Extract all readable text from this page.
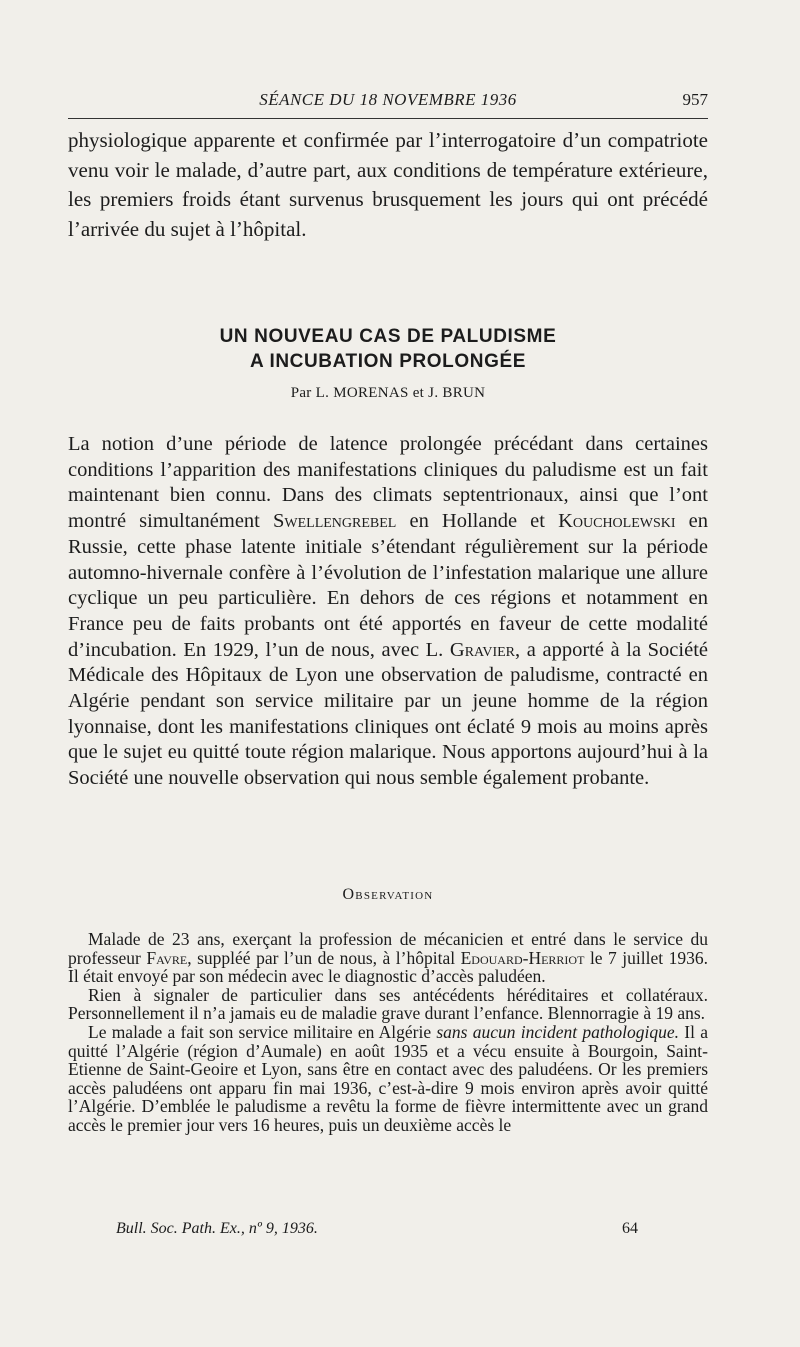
SÉANCE DU 18 NOVEMBRE 1936	957

physiologique apparente et confirmée par l’interrogatoire d’un compatriote venu voir le malade, d’autre part, aux conditions de température extérieure, les premiers froids étant survenus brusquement les jours qui ont précédé l’arrivée du sujet à l’hôpital.

UN NOUVEAU CAS DE PALUDISME
A INCUBATION PROLONGÉE
Par L. MORENAS et J. BRUN

La notion d’une période de latence prolongée précédant dans certaines conditions l’apparition des manifestations cliniques du paludisme est un fait maintenant bien connu. Dans des climats septentrionaux, ainsi que l’ont montré simultanément Swellengrebel en Hollande et Koucholewski en Russie, cette phase latente initiale s’étendant régulièrement sur la période automno-hivernale confère à l’évolution de l’infestation malarique une allure cyclique un peu particulière. En dehors de ces régions et notamment en France peu de faits probants ont été apportés en faveur de cette modalité d’incubation. En 1929, l’un de nous, avec L. Gravier, a apporté à la Société Médicale des Hôpitaux de Lyon une observation de paludisme, contracté en Algérie pendant son service militaire par un jeune homme de la région lyonnaise, dont les manifestations cliniques ont éclaté 9 mois au moins après que le sujet eu quitté toute région malarique. Nous apportons aujourd’hui à la Société une nouvelle observation qui nous semble également probante.

Observation

Malade de 23 ans, exerçant la profession de mécanicien et entré dans le service du professeur Favre, suppléé par l’un de nous, à l’hôpital Edouard-Herriot le 7 juillet 1936. Il était envoyé par son médecin avec le diagnostic d’accès paludéen.

Rien à signaler de particulier dans ses antécédents héréditaires et collatéraux. Personnellement il n’a jamais eu de maladie grave durant l’enfance. Blennorragie à 19 ans.

Le malade a fait son service militaire en Algérie sans aucun incident pathologique. Il a quitté l’Algérie (région d’Aumale) en août 1935 et a vécu ensuite à Bourgoin, Saint-Etienne de Saint-Geoire et Lyon, sans être en contact avec des paludéens. Or les premiers accès paludéens ont apparu fin mai 1936, c’est-à-dire 9 mois environ après avoir quitté l’Algérie. D’emblée le paludisme a revêtu la forme de fièvre intermittente avec un grand accès le premier jour vers 16 heures, puis un deuxième accès le

Bull. Soc. Path. Ex., nº 9, 1936.	64
